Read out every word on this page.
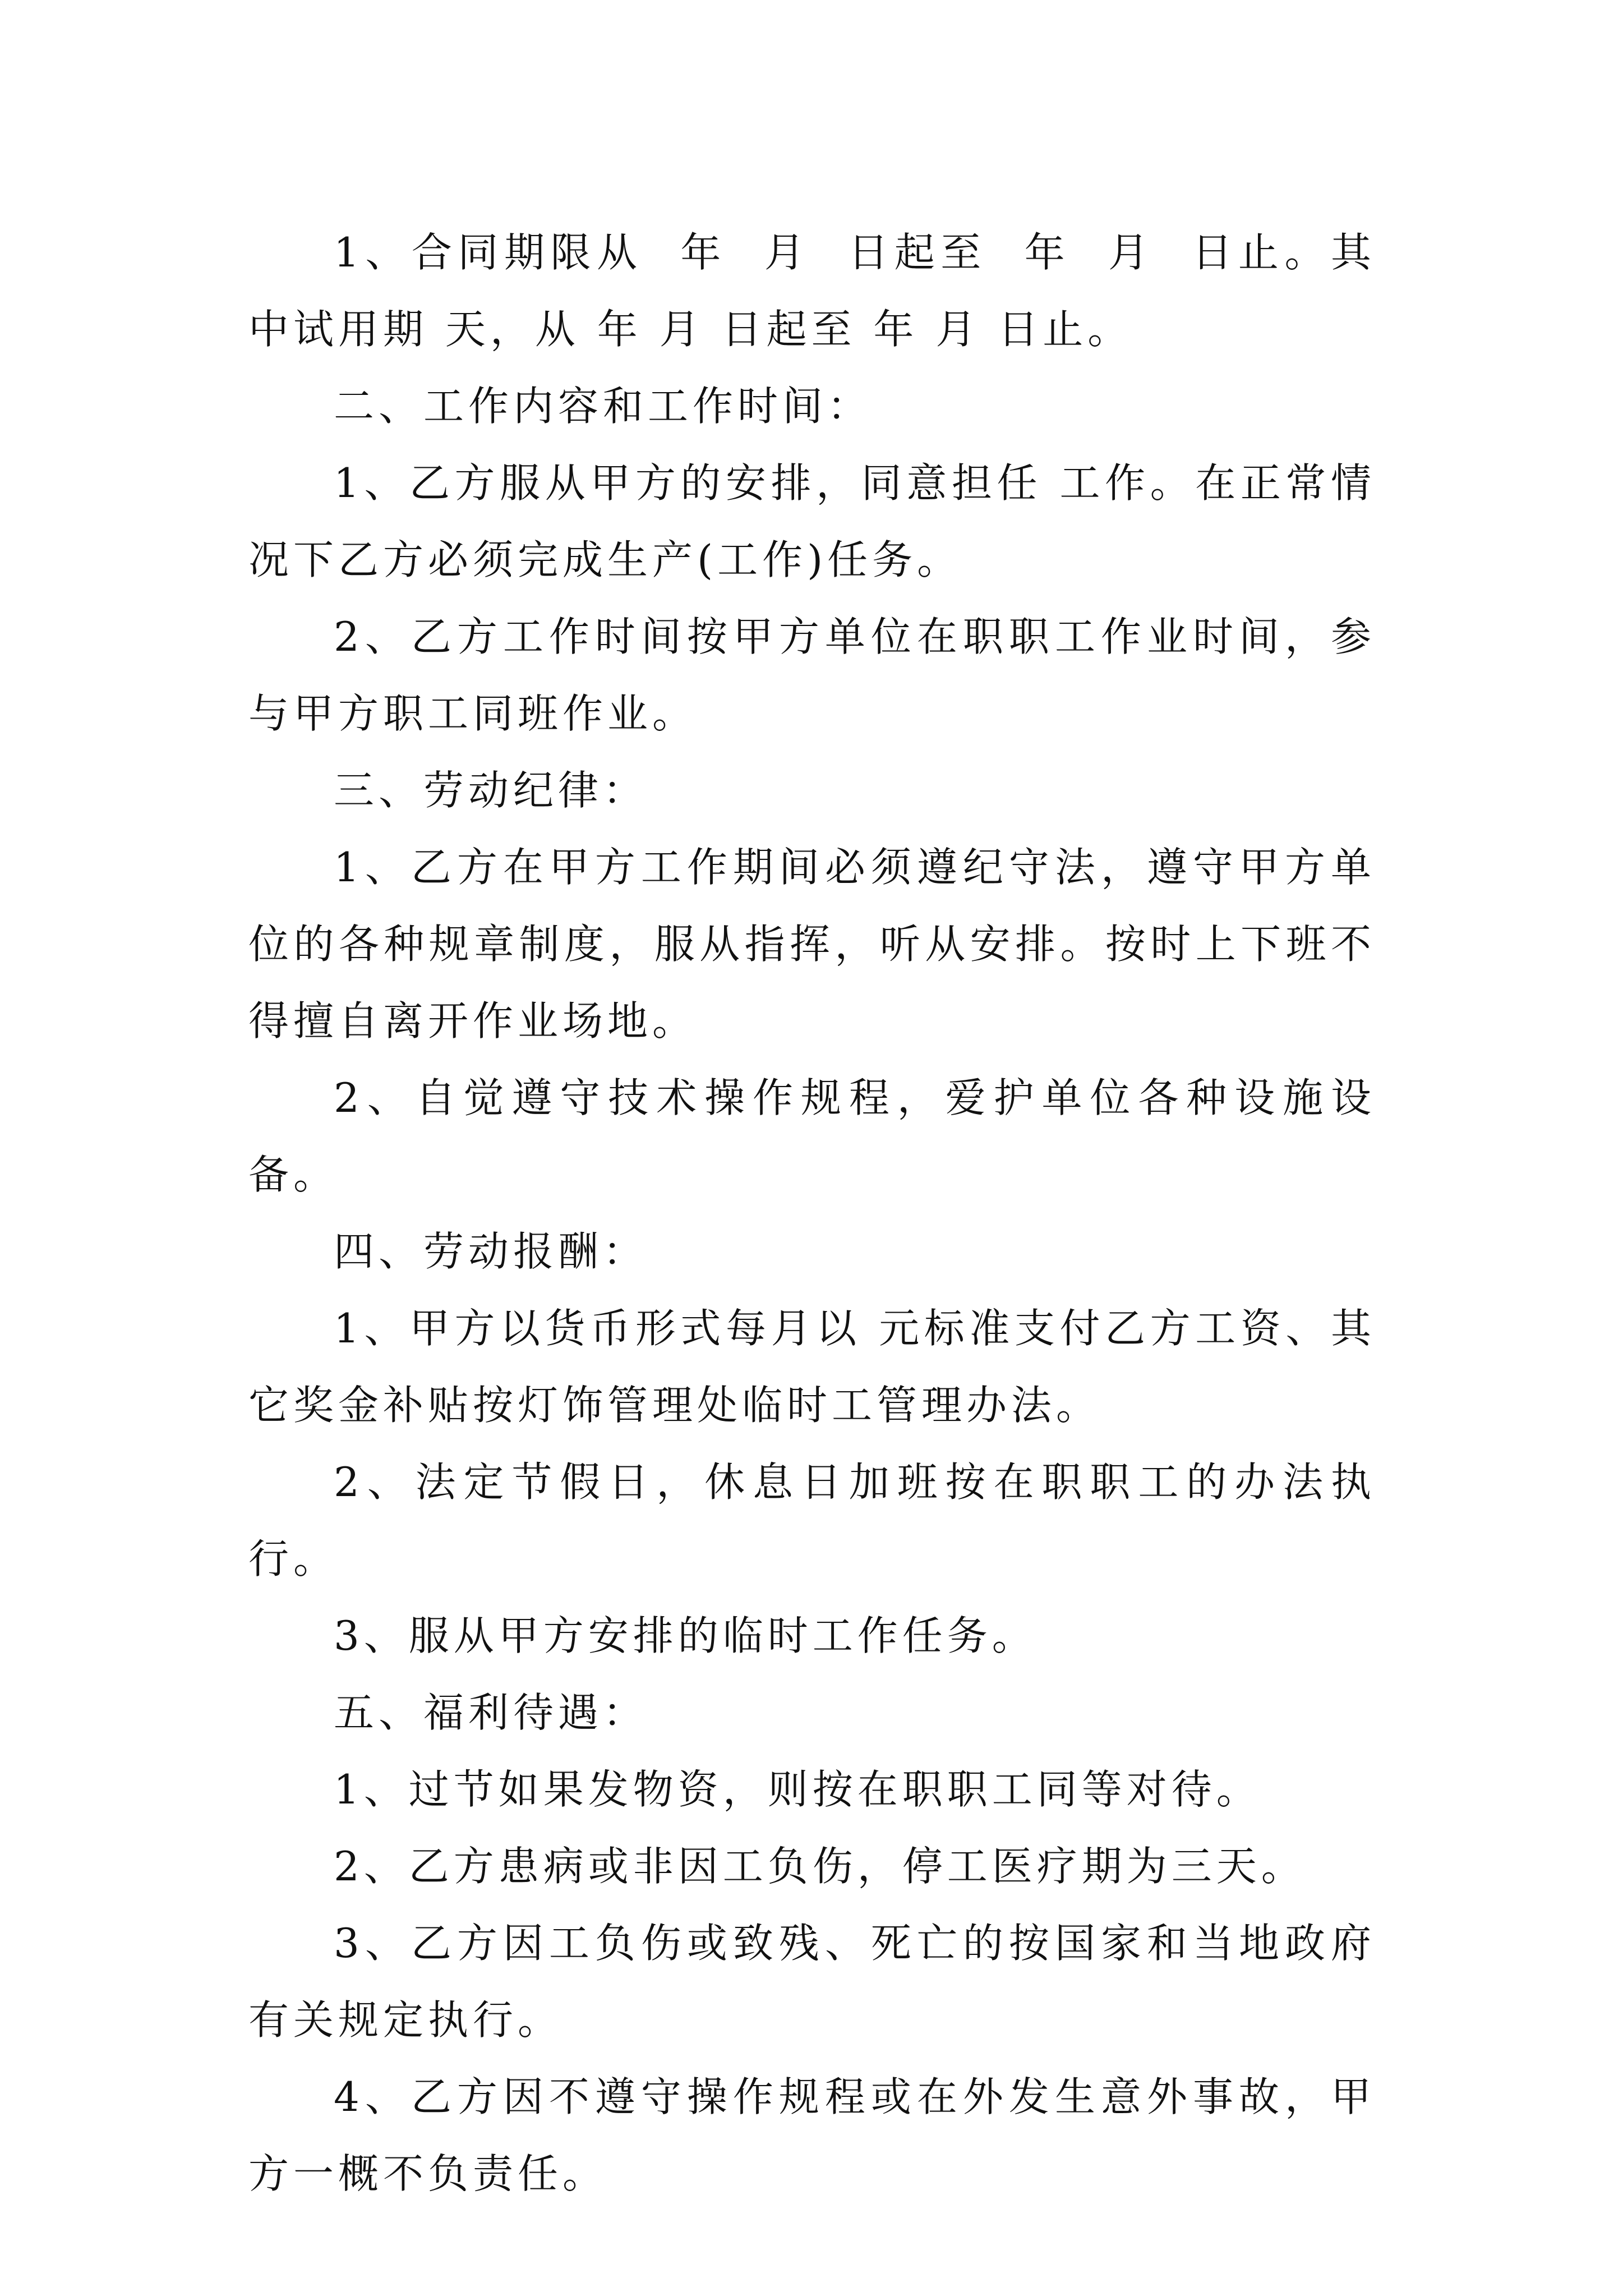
1、合同期限从  年  月  日起至  年  月  日止。其中试用期 天，从 年 月 日起至 年 月 日止。

二、工作内容和工作时间：

1、乙方服从甲方的安排，同意担任 工作。在正常情况下乙方必须完成生产(工作)任务。

2、乙方工作时间按甲方单位在职职工作业时间，参与甲方职工同班作业。

三、劳动纪律：

1、乙方在甲方工作期间必须遵纪守法，遵守甲方单位的各种规章制度，服从指挥，听从安排。按时上下班不得擅自离开作业场地。

2、自觉遵守技术操作规程，爱护单位各种设施设备。

四、劳动报酬：

1、甲方以货币形式每月以 元标准支付乙方工资、其它奖金补贴按灯饰管理处临时工管理办法。

2、法定节假日，休息日加班按在职职工的办法执行。

3、服从甲方安排的临时工作任务。

五、福利待遇：

1、过节如果发物资，则按在职职工同等对待。

2、乙方患病或非因工负伤，停工医疗期为三天。

3、乙方因工负伤或致残、死亡的按国家和当地政府有关规定执行。

4、乙方因不遵守操作规程或在外发生意外事故，甲方一概不负责任。
